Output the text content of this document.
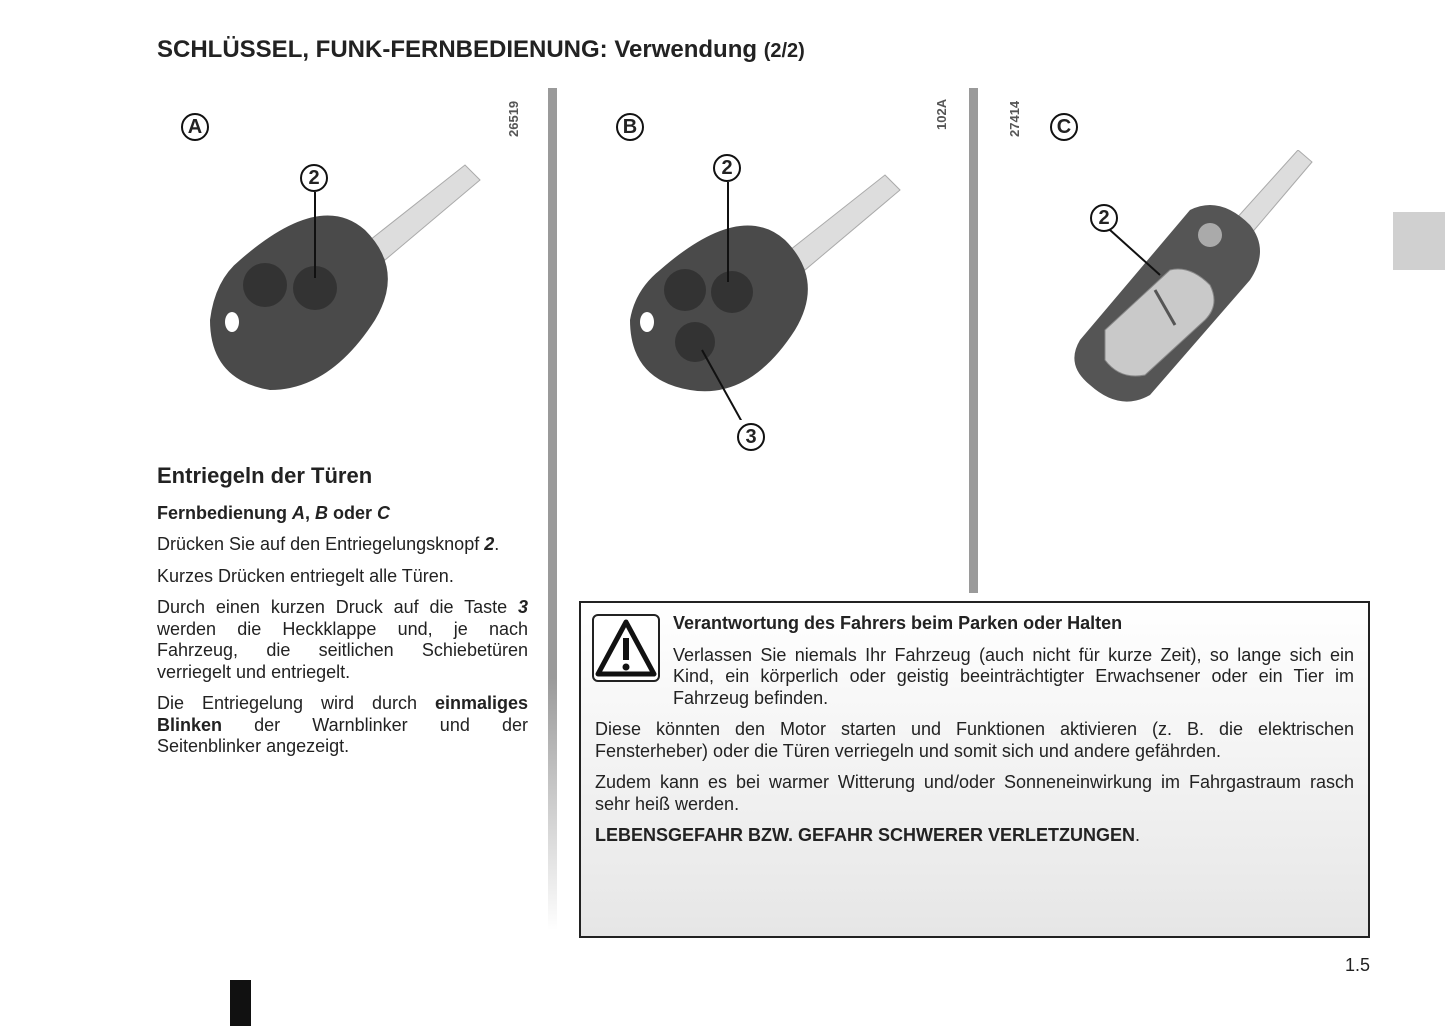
SCHLÜSSEL, FUNK-FERNBEDIENUNG: Verwendung (2/2)
A	26519
2
B	102A
2
3
27414	C
2
Entriegeln der Türen

Fernbedienung A, B oder C

Drücken Sie auf den Entriegelungsknopf 2.

Kurzes Drücken entriegelt alle Türen.

Durch einen kurzen Druck auf die Taste 3 werden die Heckklappe und, je nach Fahrzeug, die seitlichen Schiebetüren verriegelt und entriegelt.

Die Entriegelung wird durch einmaliges Blinken der Warnblinker und der Seitenblinker angezeigt.

Verantwortung des Fahrers beim Parken oder Halten

Verlassen Sie niemals Ihr Fahrzeug (auch nicht für kurze Zeit), so lange sich ein Kind, ein körperlich oder geistig beeinträchtigter Erwachsener oder ein Tier im Fahrzeug befinden.

Diese könnten den Motor starten und Funktionen aktivieren (z. B. die elektrischen Fensterheber) oder die Türen verriegeln und somit sich und andere gefährden.

Zudem kann es bei warmer Witterung und/oder Sonneneinwirkung im Fahrgastraum rasch sehr heiß werden.

LEBENSGEFAHR BZW. GEFAHR SCHWERER VERLETZUNGEN.

1.5
